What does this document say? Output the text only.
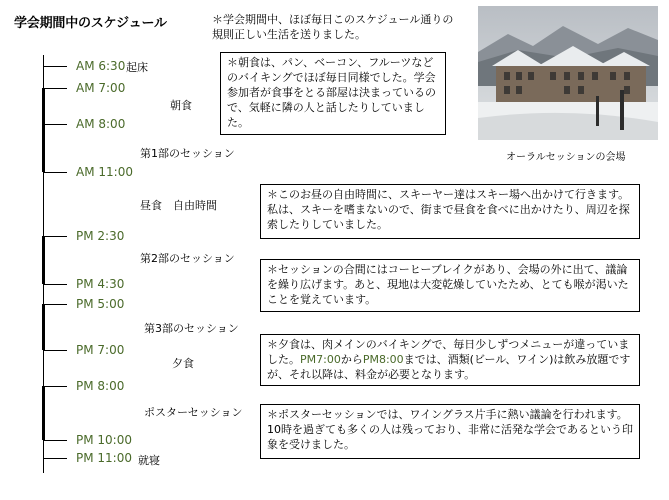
学会期間中のスケジュール	＊学会期間中、ほぼ毎日このスケジュール通りの規則正しい生活を送りました。
オーラルセッションの会場
AM 6:30 起床
AM 7:00
AM 8:00
AM 11:00
PM 2:30
PM 4:30
PM 5:00
PM 7:00
PM 8:00
PM 10:00
PM 11:00 就寝
朝食
第1部のセッション
昼食　自由時間
第2部のセッション
第3部のセッション
夕食
ポスターセッション
＊朝食は、パン、ベーコン、フルーツなどのバイキングでほぼ毎日同様でした。学会参加者が食事をとる部屋は決まっているので、気軽に隣の人と話したりしていました。
＊このお昼の自由時間に、スキーヤー達はスキー場へ出かけて行きます。私は、スキーを嗜まないので、街まで昼食を食べに出かけたり、周辺を探索したりしていました。
＊セッションの合間にはコーヒーブレイクがあり、会場の外に出て、議論を繰り広げます。あと、現地は大変乾燥していたため、とても喉が渇いたことを覚えています。
＊夕食は、肉メインのバイキングで、毎日少しずつメニューが違っていました。PM7:00からPM8:00までは、酒類(ビール、ワイン)は飲み放題ですが、それ以降は、料金が必要となります。
＊ポスターセッションでは、ワイングラス片手に熱い議論を行われます。10時を過ぎても多くの人は残っており、非常に活発な学会であるという印象を受けました。
